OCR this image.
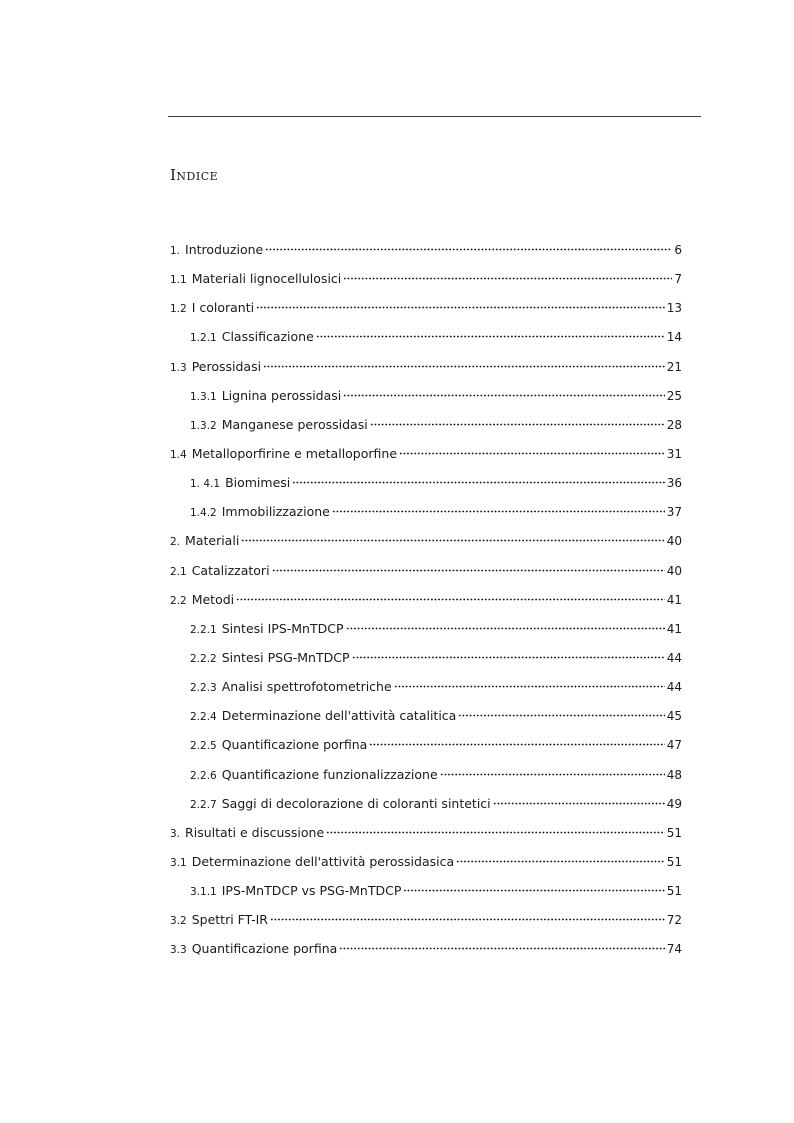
Indice
1. Introduzione	6
1.1 Materiali lignocellulosici	7
1.2 I coloranti	13
1.2.1 Classificazione	14
1.3 Perossidasi	21
1.3.1 Lignina perossidasi	25
1.3.2 Manganese perossidasi	28
1.4 Metalloporfirine e metalloporfine	31
1. 4.1 Biomimesi	36
1.4.2 Immobilizzazione	37
2. Materiali	40
2.1 Catalizzatori	40
2.2 Metodi	41
2.2.1 Sintesi IPS-MnTDCP	41
2.2.2 Sintesi PSG-MnTDCP	44
2.2.3 Analisi spettrofotometriche	44
2.2.4 Determinazione dell'attività catalitica	45
2.2.5 Quantificazione porfina	47
2.2.6 Quantificazione funzionalizzazione	48
2.2.7 Saggi di decolorazione di coloranti sintetici	49
3. Risultati e discussione	51
3.1 Determinazione dell'attività perossidasica	51
3.1.1 IPS-MnTDCP vs PSG-MnTDCP	51
3.2 Spettri FT-IR	72
3.3 Quantificazione porfina	74
